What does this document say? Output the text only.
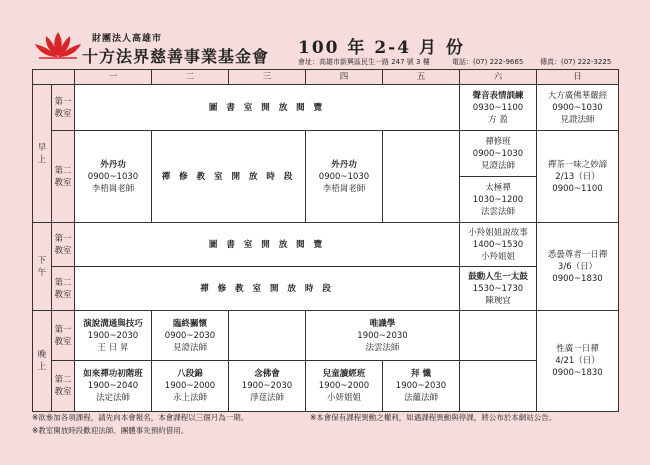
財團法人高雄市
十方法界慈善事業基金會 100 年 2-4 月 份
會址：高雄市新興區民生一路 247 號 3 樓	電話：(07) 222-9665 傳真：(07) 222-3225
		一	二	三	四	五	六	日

早
上	第一教室	圖 書 室 開 放 閱 覽					聲音表情訓練
0930~1100
方 盈	大方廣佛華嚴經
0900~1030
見證法師

	第二教室	外丹功
0900~1030
李梧崗老師	禪 修 教 室 開 放 時 段		外丹功
0900~1030
李梧崗老師		禪修班
0900~1030
見證法師	禪茶一味之妙諦
2/13（日）
0900~1100

							太極禪
1030~1200
法雲法師	

下
午	第一教室	圖 書 室 開 放 閱 覽					小羚姐姐說故事
1400~1530
小羚姐姐	悉曇尊者一日禪
3/6（日）
0900~1830

	第二教室	禪 修 教 室 開 放 時 段					鼓動人生一太鼓
1530~1730
陳琬宜	

晚
上	第一教室	演說溝通與技巧
1900~2030
王 日 昇	臨終關懷
0900~2030
見證法師		唯識學
1900~2030
法雲法師			性廣一日禪
4/21（日）
0900~1830

	第二教室	如來禪功初階班
1900~2040
法定法師	八段錦
1900~2000
永上法師	念佛會
1900~2030
淨莛法師	兒童讀經班
1900~2000
小妍姐姐	拜 懺
1900~2030
法蘊法師		

※欲參加各項課程，請先向本會報名，本會課程以三個月為一期。	※本會保有課程異動之權利，如遇課程異動與停課，將公布於本網站公告。
※教室開放時段歡迎法師、團體事先預約借用。
